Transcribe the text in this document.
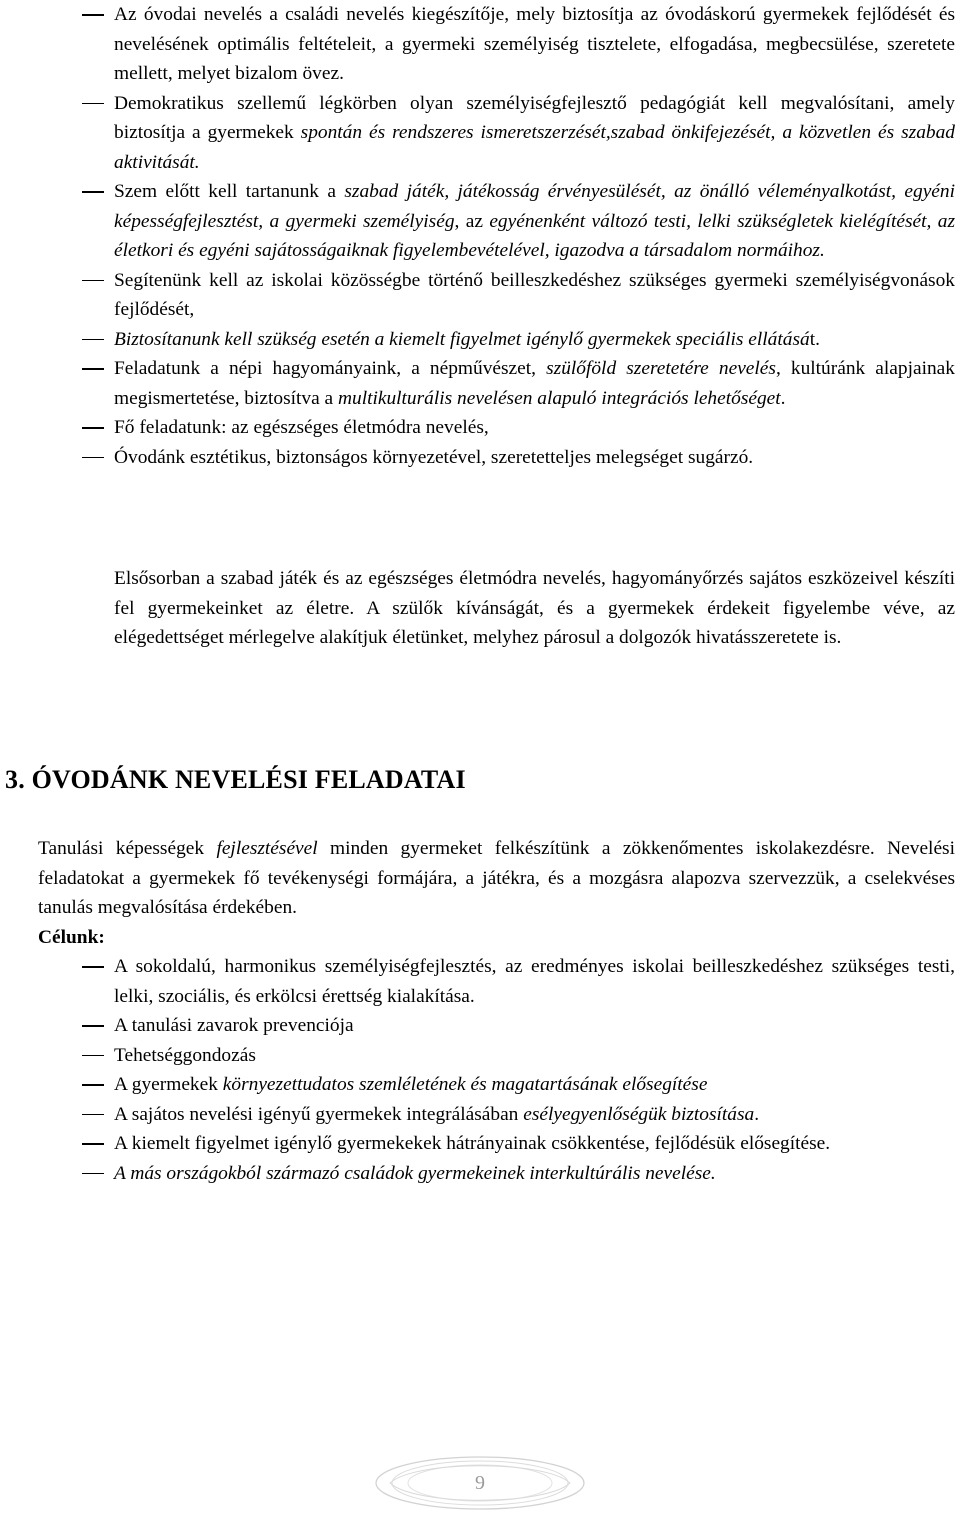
Az óvodai nevelés a családi nevelés kiegészítője, mely biztosítja az óvodáskorú gyermekek fejlődését és nevelésének optimális feltételeit, a gyermeki személyiség tisztelete, elfogadása, megbecsülése, szeretete mellett, melyet bizalom övez.

Demokratikus szellemű légkörben olyan személyiségfejlesztő pedagógiát kell megvalósítani, amely biztosítja a gyermekek spontán és rendszeres ismeretszerzését,szabad önkifejezését, a közvetlen és szabad aktivitását.

Szem előtt kell tartanunk a szabad játék, játékosság érvényesülését, az önálló véleményalkotást, egyéni képességfejlesztést, a gyermeki személyiség, az egyénenként változó testi, lelki szükségletek kielégítését, az életkori és egyéni sajátosságaiknak figyelembevételével, igazodva a társadalom normáihoz.

Segítenünk kell az iskolai közösségbe történő beilleszkedéshez szükséges gyermeki személyiségvonások fejlődését,

Biztosítanunk kell szükség esetén a kiemelt figyelmet igénylő gyermekek speciális ellátását.

Feladatunk a népi hagyományaink, a népművészet, szülőföld szeretetére nevelés, kultúránk alapjainak megismertetése, biztosítva a multikulturális nevelésen alapuló integrációs lehetőséget.

Fő feladatunk: az egészséges életmódra nevelés,

Óvodánk esztétikus, biztonságos környezetével, szeretetteljes melegséget sugárzó.

Elsősorban a szabad játék és az egészséges életmódra nevelés, hagyományőrzés sajátos eszközeivel készíti fel gyermekeinket az életre. A szülők kívánságát, és a gyermekek érdekeit figyelembe véve, az elégedettséget mérlegelve alakítjuk életünket, melyhez párosul a dolgozók hivatásszeretete is.

3. ÓVODÁNK NEVELÉSI FELADATAI

Tanulási képességek fejlesztésével minden gyermeket felkészítünk a zökkenőmentes iskolakezdésre. Nevelési feladatokat a gyermekek fő tevékenységi formájára, a játékra, és a mozgásra alapozva szervezzük, a cselekvéses tanulás megvalósítása érdekében.

Célunk:

A sokoldalú, harmonikus személyiségfejlesztés, az eredményes iskolai beilleszkedéshez szükséges testi, lelki, szociális, és erkölcsi érettség kialakítása.

A tanulási zavarok prevenciója

Tehetséggondozás

A gyermekek környezettudatos szemléletének és magatartásának elősegítése

A sajátos nevelési igényű gyermekek integrálásában esélyegyenlőségük biztosítása.

A kiemelt figyelmet igénylő gyermekekek hátrányainak csökkentése, fejlődésük elősegítése.

A más országokból származó családok gyermekeinek interkultúrális nevelése.

9
